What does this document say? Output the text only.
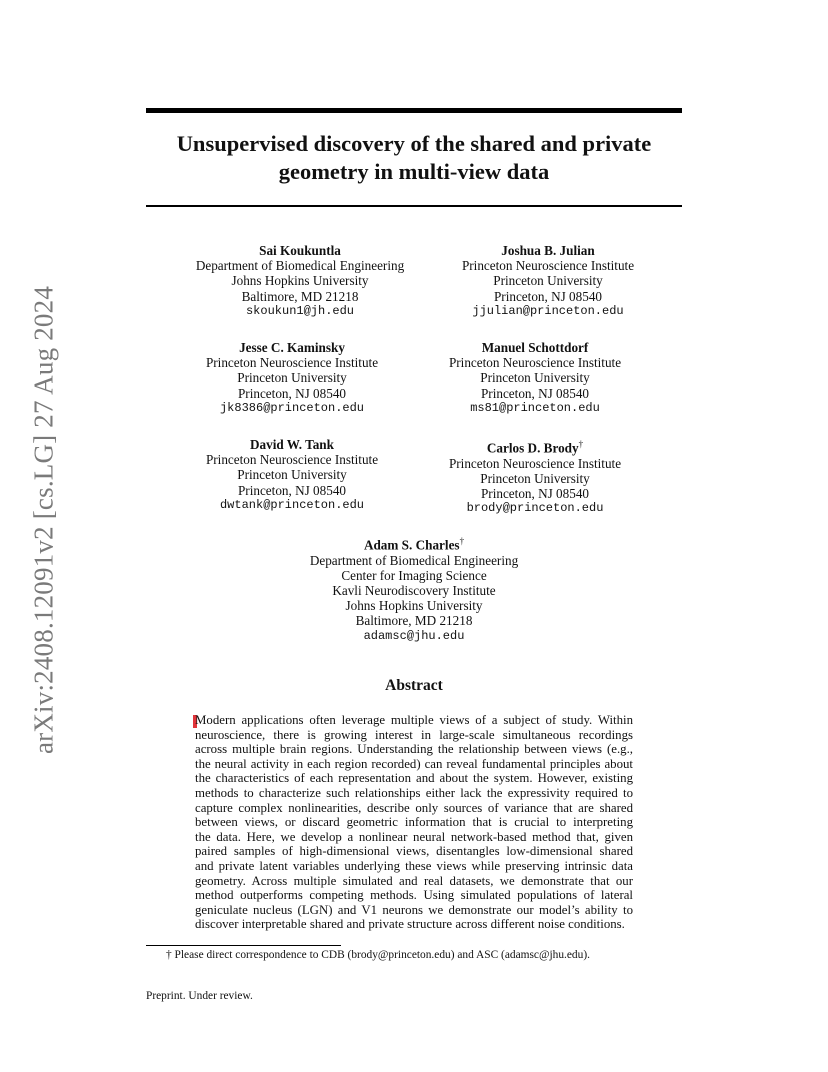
arXiv:2408.12091v2 [cs.LG] 27 Aug 2024
Unsupervised discovery of the shared and private
geometry in multi-view data
Sai Koukuntla
Department of Biomedical Engineering
Johns Hopkins University
Baltimore, MD 21218
skoukun1@jh.edu
Joshua B. Julian
Princeton Neuroscience Institute
Princeton University
Princeton, NJ 08540
jjulian@princeton.edu
Jesse C. Kaminsky
Princeton Neuroscience Institute
Princeton University
Princeton, NJ 08540
jk8386@princeton.edu
Manuel Schottdorf
Princeton Neuroscience Institute
Princeton University
Princeton, NJ 08540
ms81@princeton.edu
David W. Tank
Princeton Neuroscience Institute
Princeton University
Princeton, NJ 08540
dwtank@princeton.edu
Carlos D. Brody†
Princeton Neuroscience Institute
Princeton University
Princeton, NJ 08540
brody@princeton.edu
Adam S. Charles†
Department of Biomedical Engineering
Center for Imaging Science
Kavli Neurodiscovery Institute
Johns Hopkins University
Baltimore, MD 21218
adamsc@jhu.edu
Abstract
Modern applications often leverage multiple views of a subject of study. Within
neuroscience, there is growing interest in large-scale simultaneous recordings
across multiple brain regions. Understanding the relationship between views (e.g.,
the neural activity in each region recorded) can reveal fundamental principles about
the characteristics of each representation and about the system. However, existing
methods to characterize such relationships either lack the expressivity required to
capture complex nonlinearities, describe only sources of variance that are shared
between views, or discard geometric information that is crucial to interpreting
the data. Here, we develop a nonlinear neural network-based method that, given
paired samples of high-dimensional views, disentangles low-dimensional shared
and private latent variables underlying these views while preserving intrinsic data
geometry. Across multiple simulated and real datasets, we demonstrate that our
method outperforms competing methods. Using simulated populations of lateral
geniculate nucleus (LGN) and V1 neurons we demonstrate our model’s ability to
discover interpretable shared and private structure across different noise conditions.
† Please direct correspondence to CDB (brody@princeton.edu) and ASC (adamsc@jhu.edu).
Preprint. Under review.
